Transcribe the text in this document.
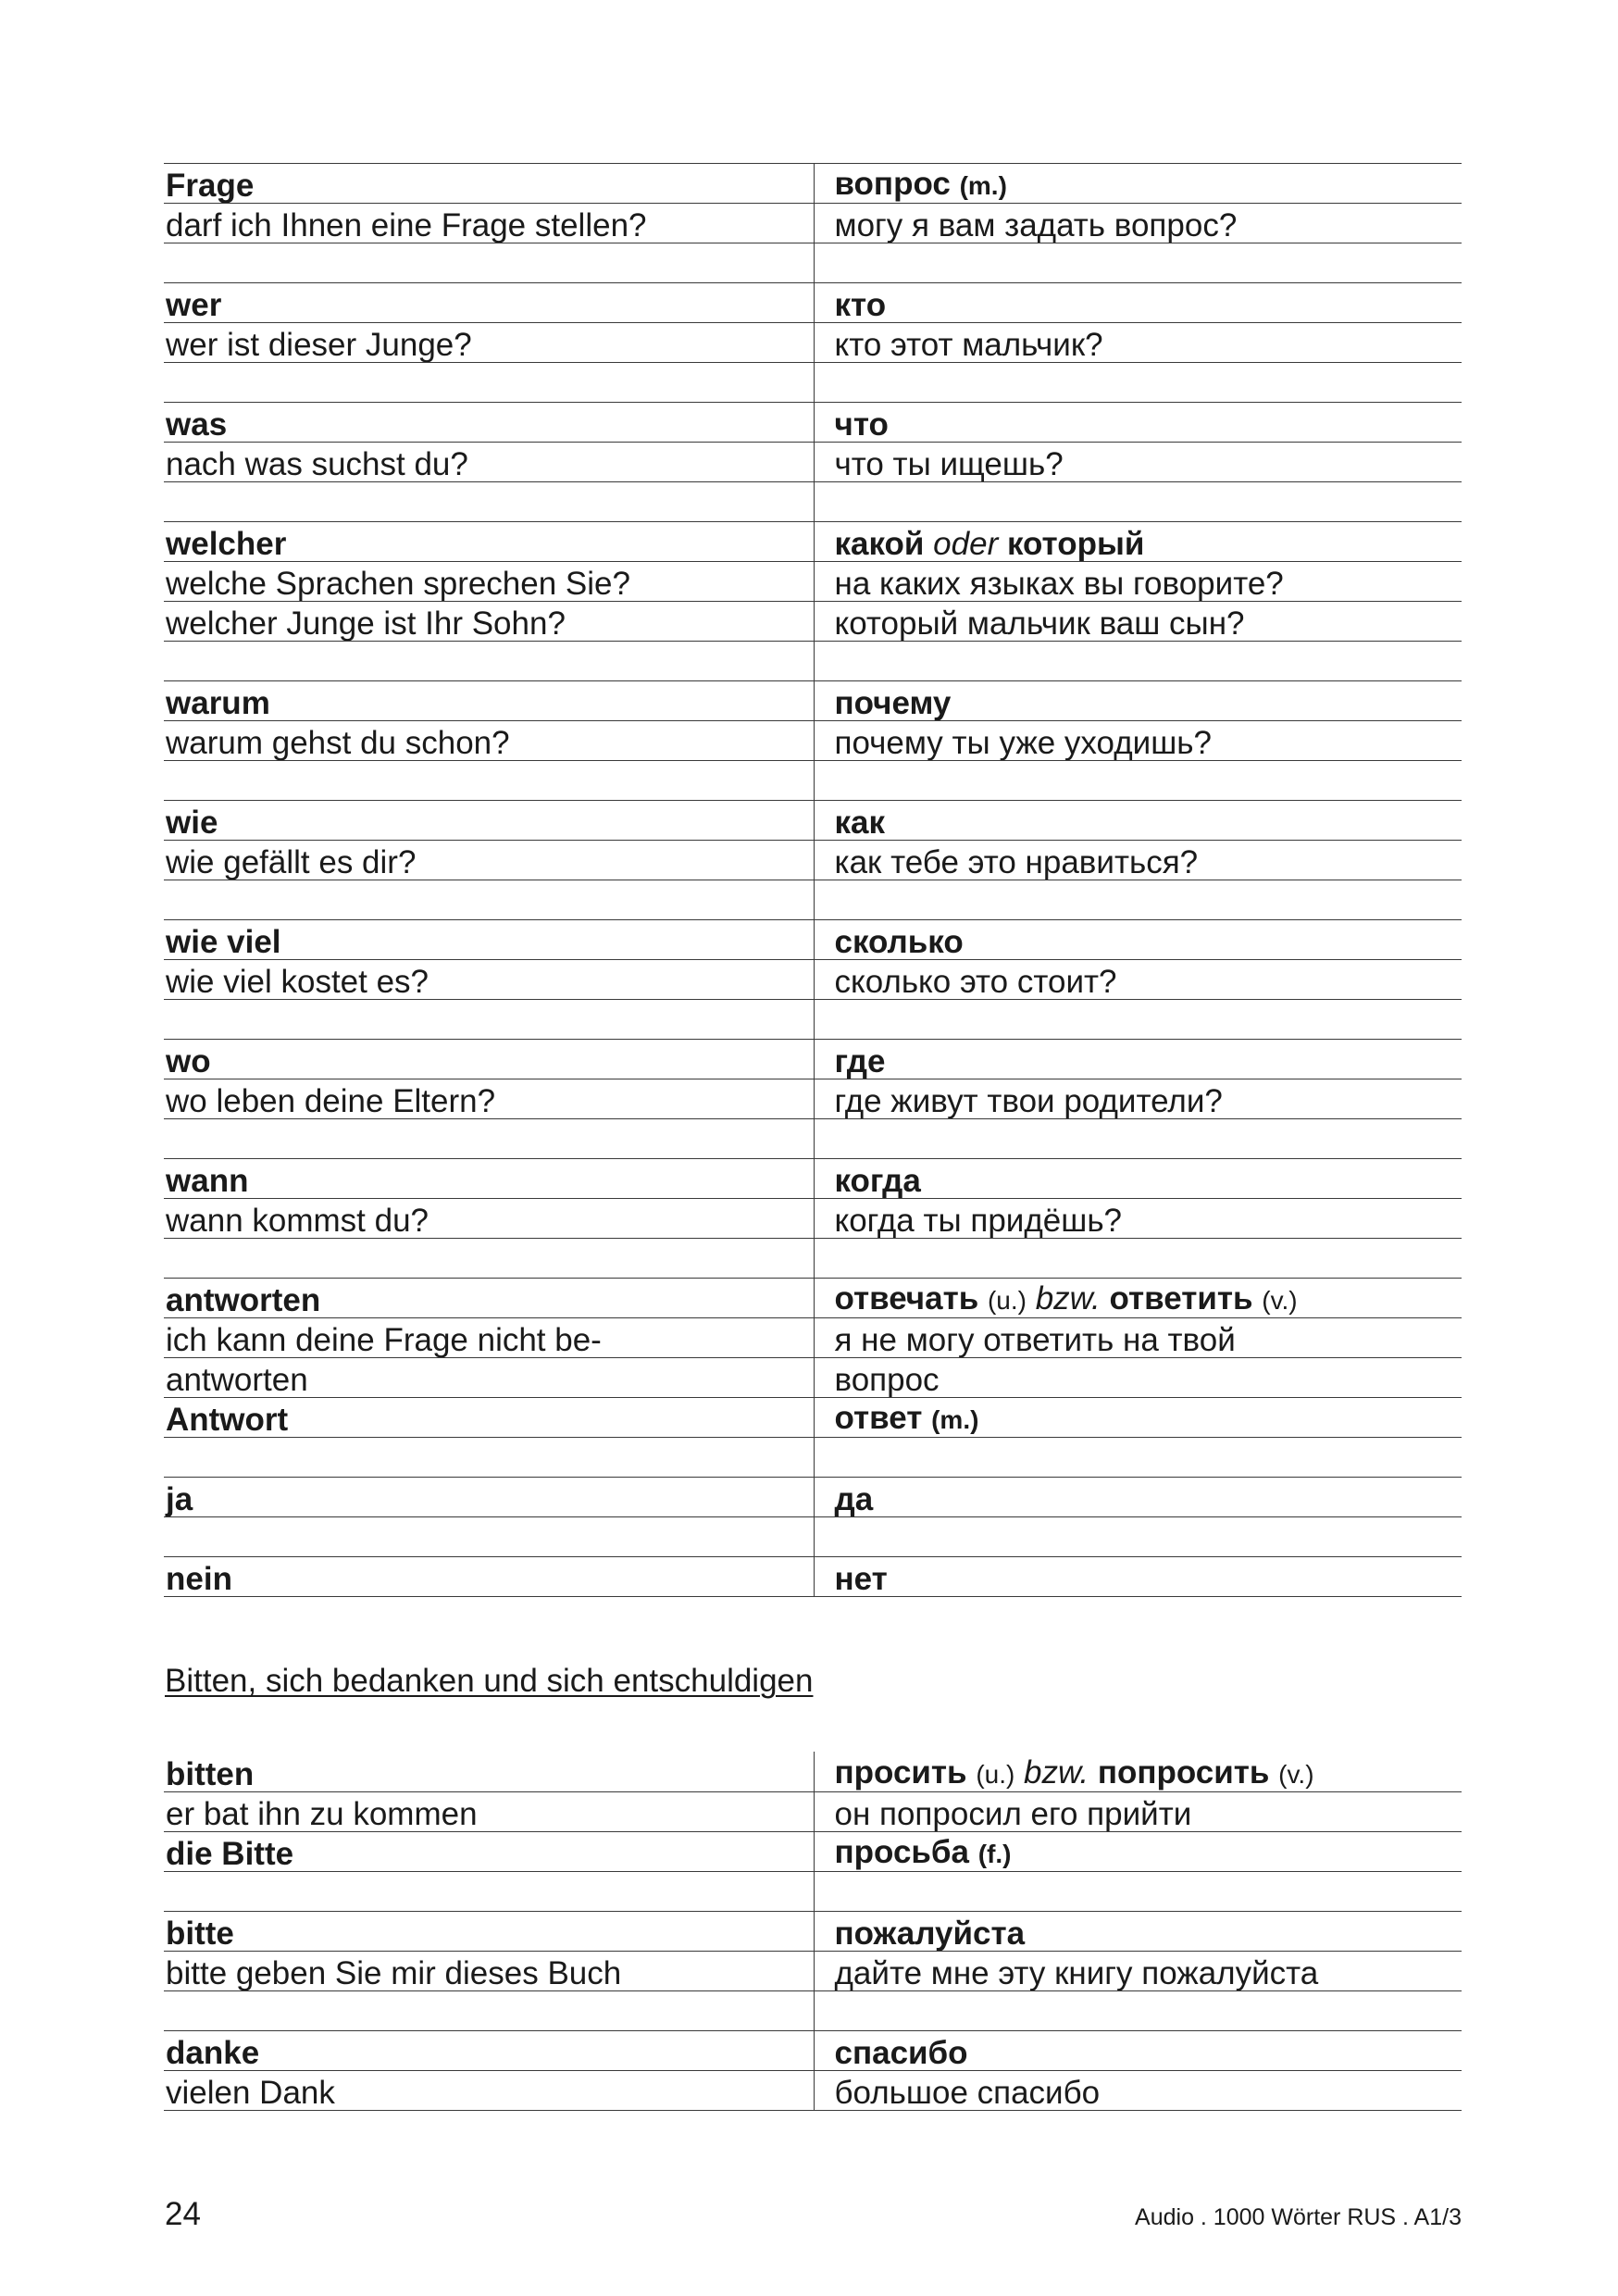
Frage	вопрос (m.)
darf ich Ihnen eine Frage stellen?	могу я вам задать вопрос?

wer	кто
wer ist dieser Junge?	кто этот мальчик?

was	что
nach was suchst du?	что ты ищешь?

welcher	какой oder который
welche Sprachen sprechen Sie?	на каких языках вы говорите?
welcher Junge ist Ihr Sohn?	который мальчик ваш сын?

warum	почему
warum gehst du schon?	почему ты уже уходишь?

wie	как
wie gefällt es dir?	как тебе это нравиться?

wie viel	сколько
wie viel kostet es?	сколько это стоит?

wo	где
wo leben deine Eltern?	где живут твои родители?

wann	когда
wann kommst du?	когда ты придёшь?

antworten	отвечать (u.) bzw. ответить (v.)
ich kann deine Frage nicht be-	я не могу ответить на твой
antworten	вопрос
Antwort	ответ (m.)

ja	да

nein	нет
Bitten, sich bedanken und sich entschuldigen
bitten	просить (u.) bzw. попросить (v.)
er bat ihn zu kommen	он попросил его прийти
die Bitte	просьба (f.)

bitte	пожалуйста
bitte geben Sie mir dieses Buch	дайте мне эту книгу пожалуйста

danke	спасибо
vielen Dank	большое спасибо
24	Audio . 1000 Wörter RUS . A1/3
